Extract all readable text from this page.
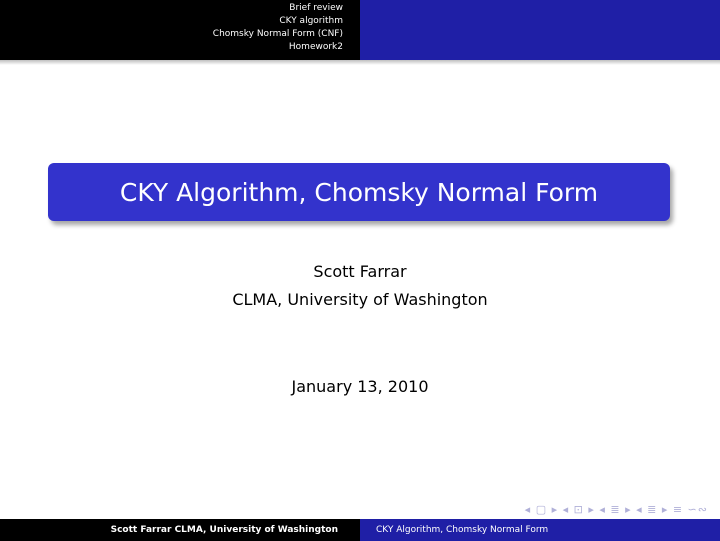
Brief review
CKY algorithm
Chomsky Normal Form (CNF)
Homework2
CKY Algorithm, Chomsky Normal Form
Scott Farrar
CLMA, University of Washington
January 13, 2010
◂ ▢ ▸ ◂ ⊡ ▸ ◂ ≣ ▸ ◂ ≣ ▸ ≡ ∽∾
Scott Farrar CLMA, University of Washington	CKY Algorithm, Chomsky Normal Form
